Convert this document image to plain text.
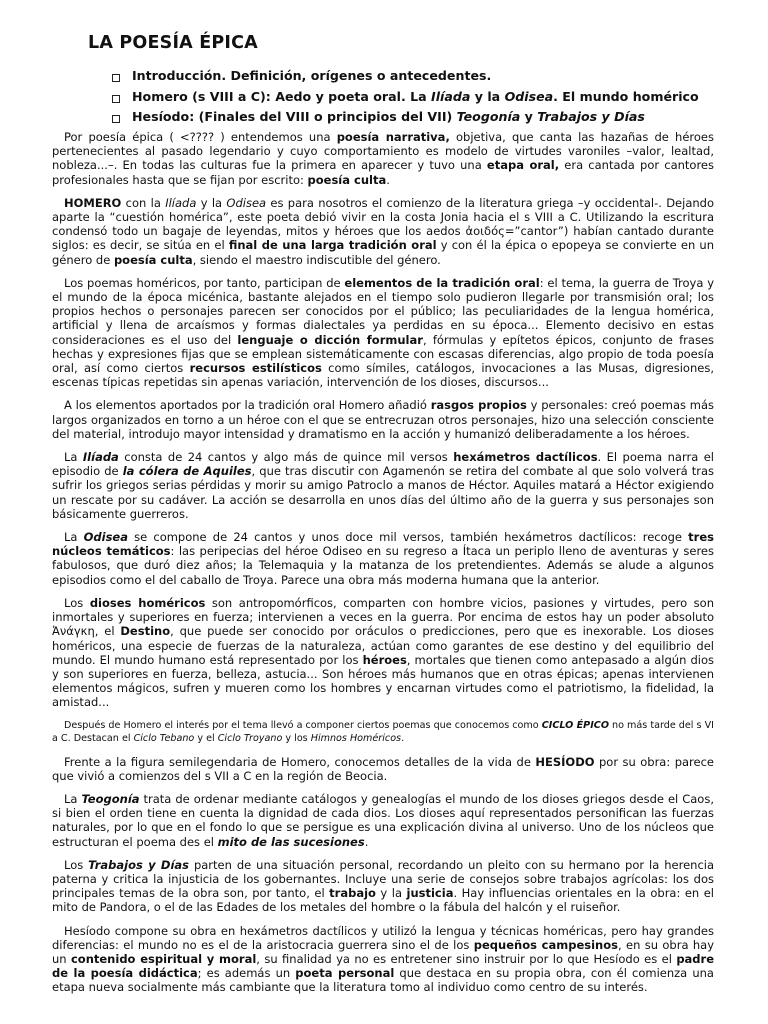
LA POESÍA ÉPICA
Introducción. Definición, orígenes o antecedentes.
Homero (s VIII a C): Aedo y poeta oral. La Ilíada y la Odisea. El mundo homérico
Hesíodo: (Finales del VIII o principios del VII) Teogonía y Trabajos y Días

Por poesía épica ( <???? ) entendemos una poesía narrativa, objetiva, que canta las hazañas de héroes pertenecientes al pasado legendario y cuyo comportamiento es modelo de virtudes varoniles –valor, lealtad, nobleza...–. En todas las culturas fue la primera en aparecer y tuvo una etapa oral, era cantada por cantores profesionales hasta que se fijan por escrito: poesía culta.

HOMERO con la Ilíada y la Odisea es para nosotros el comienzo de la literatura griega –y occidental-. Dejando aparte la “cuestión homérica”, este poeta debió vivir en la costa Jonia hacia el s VIII a C. Utilizando la escritura condensó todo un bagaje de leyendas, mitos y héroes que los aedos ἀοιδός=”cantor”) habían cantado durante siglos: es decir, se sitúa en el final de una larga tradición oral y con él la épica o epopeya se convierte en un género de poesía culta, siendo el maestro indiscutible del género.

Los poemas homéricos, por tanto, participan de elementos de la tradición oral: el tema, la guerra de Troya y el mundo de la época micénica, bastante alejados en el tiempo solo pudieron llegarle por transmisión oral; los propios hechos o personajes parecen ser conocidos por el público; las peculiaridades de la lengua homérica, artificial y llena de arcaísmos y formas dialectales ya perdidas en su época... Elemento decisivo en estas consideraciones es el uso del lenguaje o dicción formular, fórmulas y epítetos épicos, conjunto de frases hechas y expresiones fijas que se emplean sistemáticamente con escasas diferencias, algo propio de toda poesía oral, así como ciertos recursos estilísticos como símiles, catálogos, invocaciones a las Musas, digresiones, escenas típicas repetidas sin apenas variación, intervención de los dioses, discursos...

A los elementos aportados por la tradición oral Homero añadió rasgos propios y personales: creó poemas más largos organizados en torno a un héroe con el que se entrecruzan otros personajes, hizo una selección consciente del material, introdujo mayor intensidad y dramatismo en la acción y humanizó deliberadamente a los héroes.

La Ilíada consta de 24 cantos y algo más de quince mil versos hexámetros dactílicos. El poema narra el episodio de la cólera de Aquiles, que tras discutir con Agamenón se retira del combate al que solo volverá tras sufrir los griegos serias pérdidas y morir su amigo Patroclo a manos de Héctor. Aquiles matará a Héctor exigiendo un rescate por su cadáver. La acción se desarrolla en unos días del último año de la guerra y sus personajes son básicamente guerreros.

La Odisea se compone de 24 cantos y unos doce mil versos, también hexámetros dactílicos: recoge tres núcleos temáticos: las peripecias del héroe Odiseo en su regreso a Ítaca un periplo lleno de aventuras y seres fabulosos, que duró diez años; la Telemaquia y la matanza de los pretendientes. Además se alude a algunos episodios como el del caballo de Troya. Parece una obra más moderna humana que la anterior.

Los dioses homéricos son antropomórficos, comparten con hombre vicios, pasiones y virtudes, pero son inmortales y superiores en fuerza; intervienen a veces en la guerra. Por encima de estos hay un poder absoluto Ἀνάγκη, el Destino, que puede ser conocido por oráculos o predicciones, pero que es inexorable. Los dioses homéricos, una especie de fuerzas de la naturaleza, actúan como garantes de ese destino y del equilibrio del mundo. El mundo humano está representado por los héroes, mortales que tienen como antepasado a algún dios y son superiores en fuerza, belleza, astucia... Son héroes más humanos que en otras épicas; apenas intervienen elementos mágicos, sufren y mueren como los hombres y encarnan virtudes como el patriotismo, la fidelidad, la amistad...

Después de Homero el interés por el tema llevó a componer ciertos poemas que conocemos como CICLO ÉPICO no más tarde del s VI a C. Destacan el Ciclo Tebano y el Ciclo Troyano y los Himnos Homéricos.

Frente a la figura semilegendaria de Homero, conocemos detalles de la vida de HESÍODO por su obra: parece que vivió a comienzos del s VII a C en la región de Beocia.

La Teogonía trata de ordenar mediante catálogos y genealogías el mundo de los dioses griegos desde el Caos, si bien el orden tiene en cuenta la dignidad de cada dios. Los dioses aquí representados personifican las fuerzas naturales, por lo que en el fondo lo que se persigue es una explicación divina al universo. Uno de los núcleos que estructuran el poema des el mito de las sucesiones.

Los Trabajos y Días parten de una situación personal, recordando un pleito con su hermano por la herencia paterna y critica la injusticia de los gobernantes. Incluye una serie de consejos sobre trabajos agrícolas: los dos principales temas de la obra son, por tanto, el trabajo y la justicia. Hay influencias orientales en la obra: en el mito de Pandora, o el de las Edades de los metales del hombre o la fábula del halcón y el ruiseñor.

Hesíodo compone su obra en hexámetros dactílicos y utilizó la lengua y técnicas homéricas, pero hay grandes diferencias: el mundo no es el de la aristocracia guerrera sino el de los pequeños campesinos, en su obra hay un contenido espiritual y moral, su finalidad ya no es entretener sino instruir por lo que Hesíodo es el padre de la poesía didáctica; es además un poeta personal que destaca en su propia obra, con él comienza una etapa nueva socialmente más cambiante que la literatura tomo al individuo como centro de su interés.
